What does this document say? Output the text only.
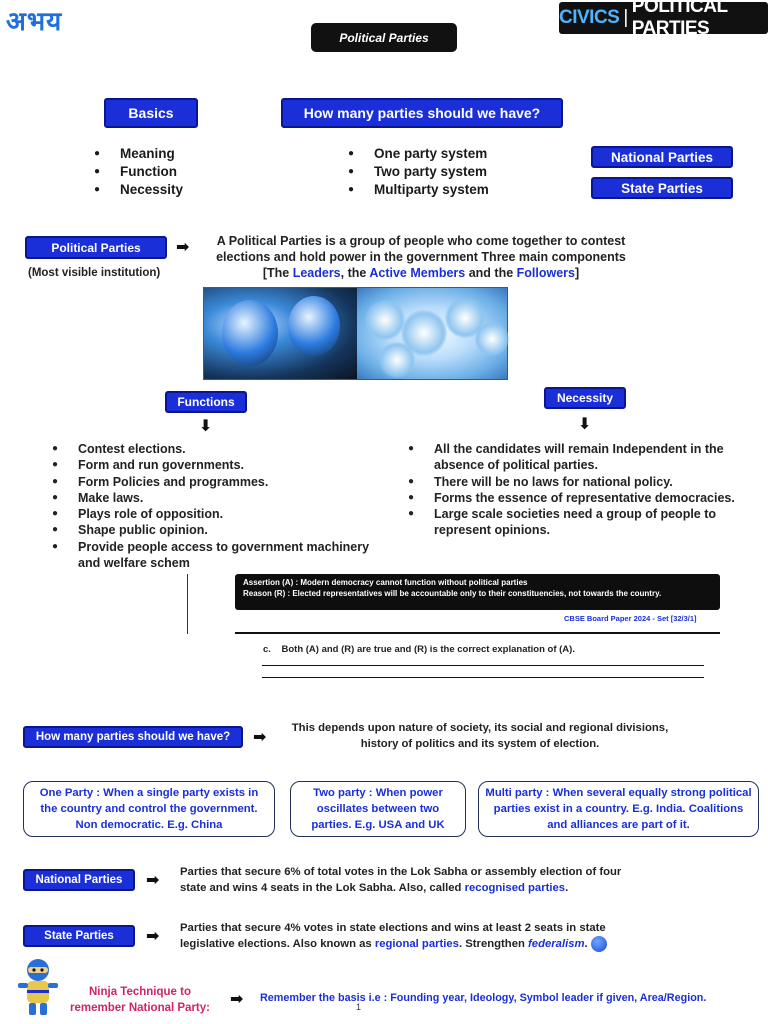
अभय	CIVICS |
POLITICAL PARTIES
Political Parties
Basics	How many parties should we have?
● Meaning
● Function
● Necessity
● One party system
● Two party system
● Multiparty system
National Parties
State Parties
Political Parties	➡
(Most visible institution)
A Political Parties is a group of people who come together to contest
elections and hold power in the government Three main components
[The Leaders, the Active Members and the Followers]
Functions
⬇
Necessity
⬇
● Contest elections.
● Form and run governments.
● Form Policies and programmes.
● Make laws.
● Plays role of opposition.
● Shape public opinion.
● Provide people access to government machinery and welfare schem
● All the candidates will remain Independent in the absence of political parties.
● There will be no laws for national policy.
● Forms the essence of representative democracies.
● Large scale societies need a group of people to represent opinions.
Assertion (A) : Modern democracy cannot function without political parties
Reason (R) : Elected representatives will be accountable only to their constituencies, not towards the country.
CBSE Board Paper 2024 - Set [32/3/1]
c. Both (A) and (R) are true and (R) is the correct explanation of (A).
How many parties should we have?	➡
This depends upon nature of society, its social and regional divisions,
history of politics and its system of election.
One Party : When a single party exists in the country and control the government. Non democratic. E.g. China
Two party : When power oscillates between two parties. E.g. USA and UK
Multi party : When several equally strong political parties exist in a country. E.g. India. Coalitions and alliances are part of it.
National Parties	➡ Parties that secure 6% of total votes in the Lok Sabha or assembly election of four
state and wins 4 seats in the Lok Sabha. Also, called recognised parties.
State Parties	➡ Parties that secure 4% votes in state elections and wins at least 2 seats in state
legislative elections. Also known as regional parties. Strengthen federalism.
Ninja Technique to
remember National Party:	➡ Remember the basis i.e : Founding year, Ideology, Symbol leader if given, Area/Region.
1
